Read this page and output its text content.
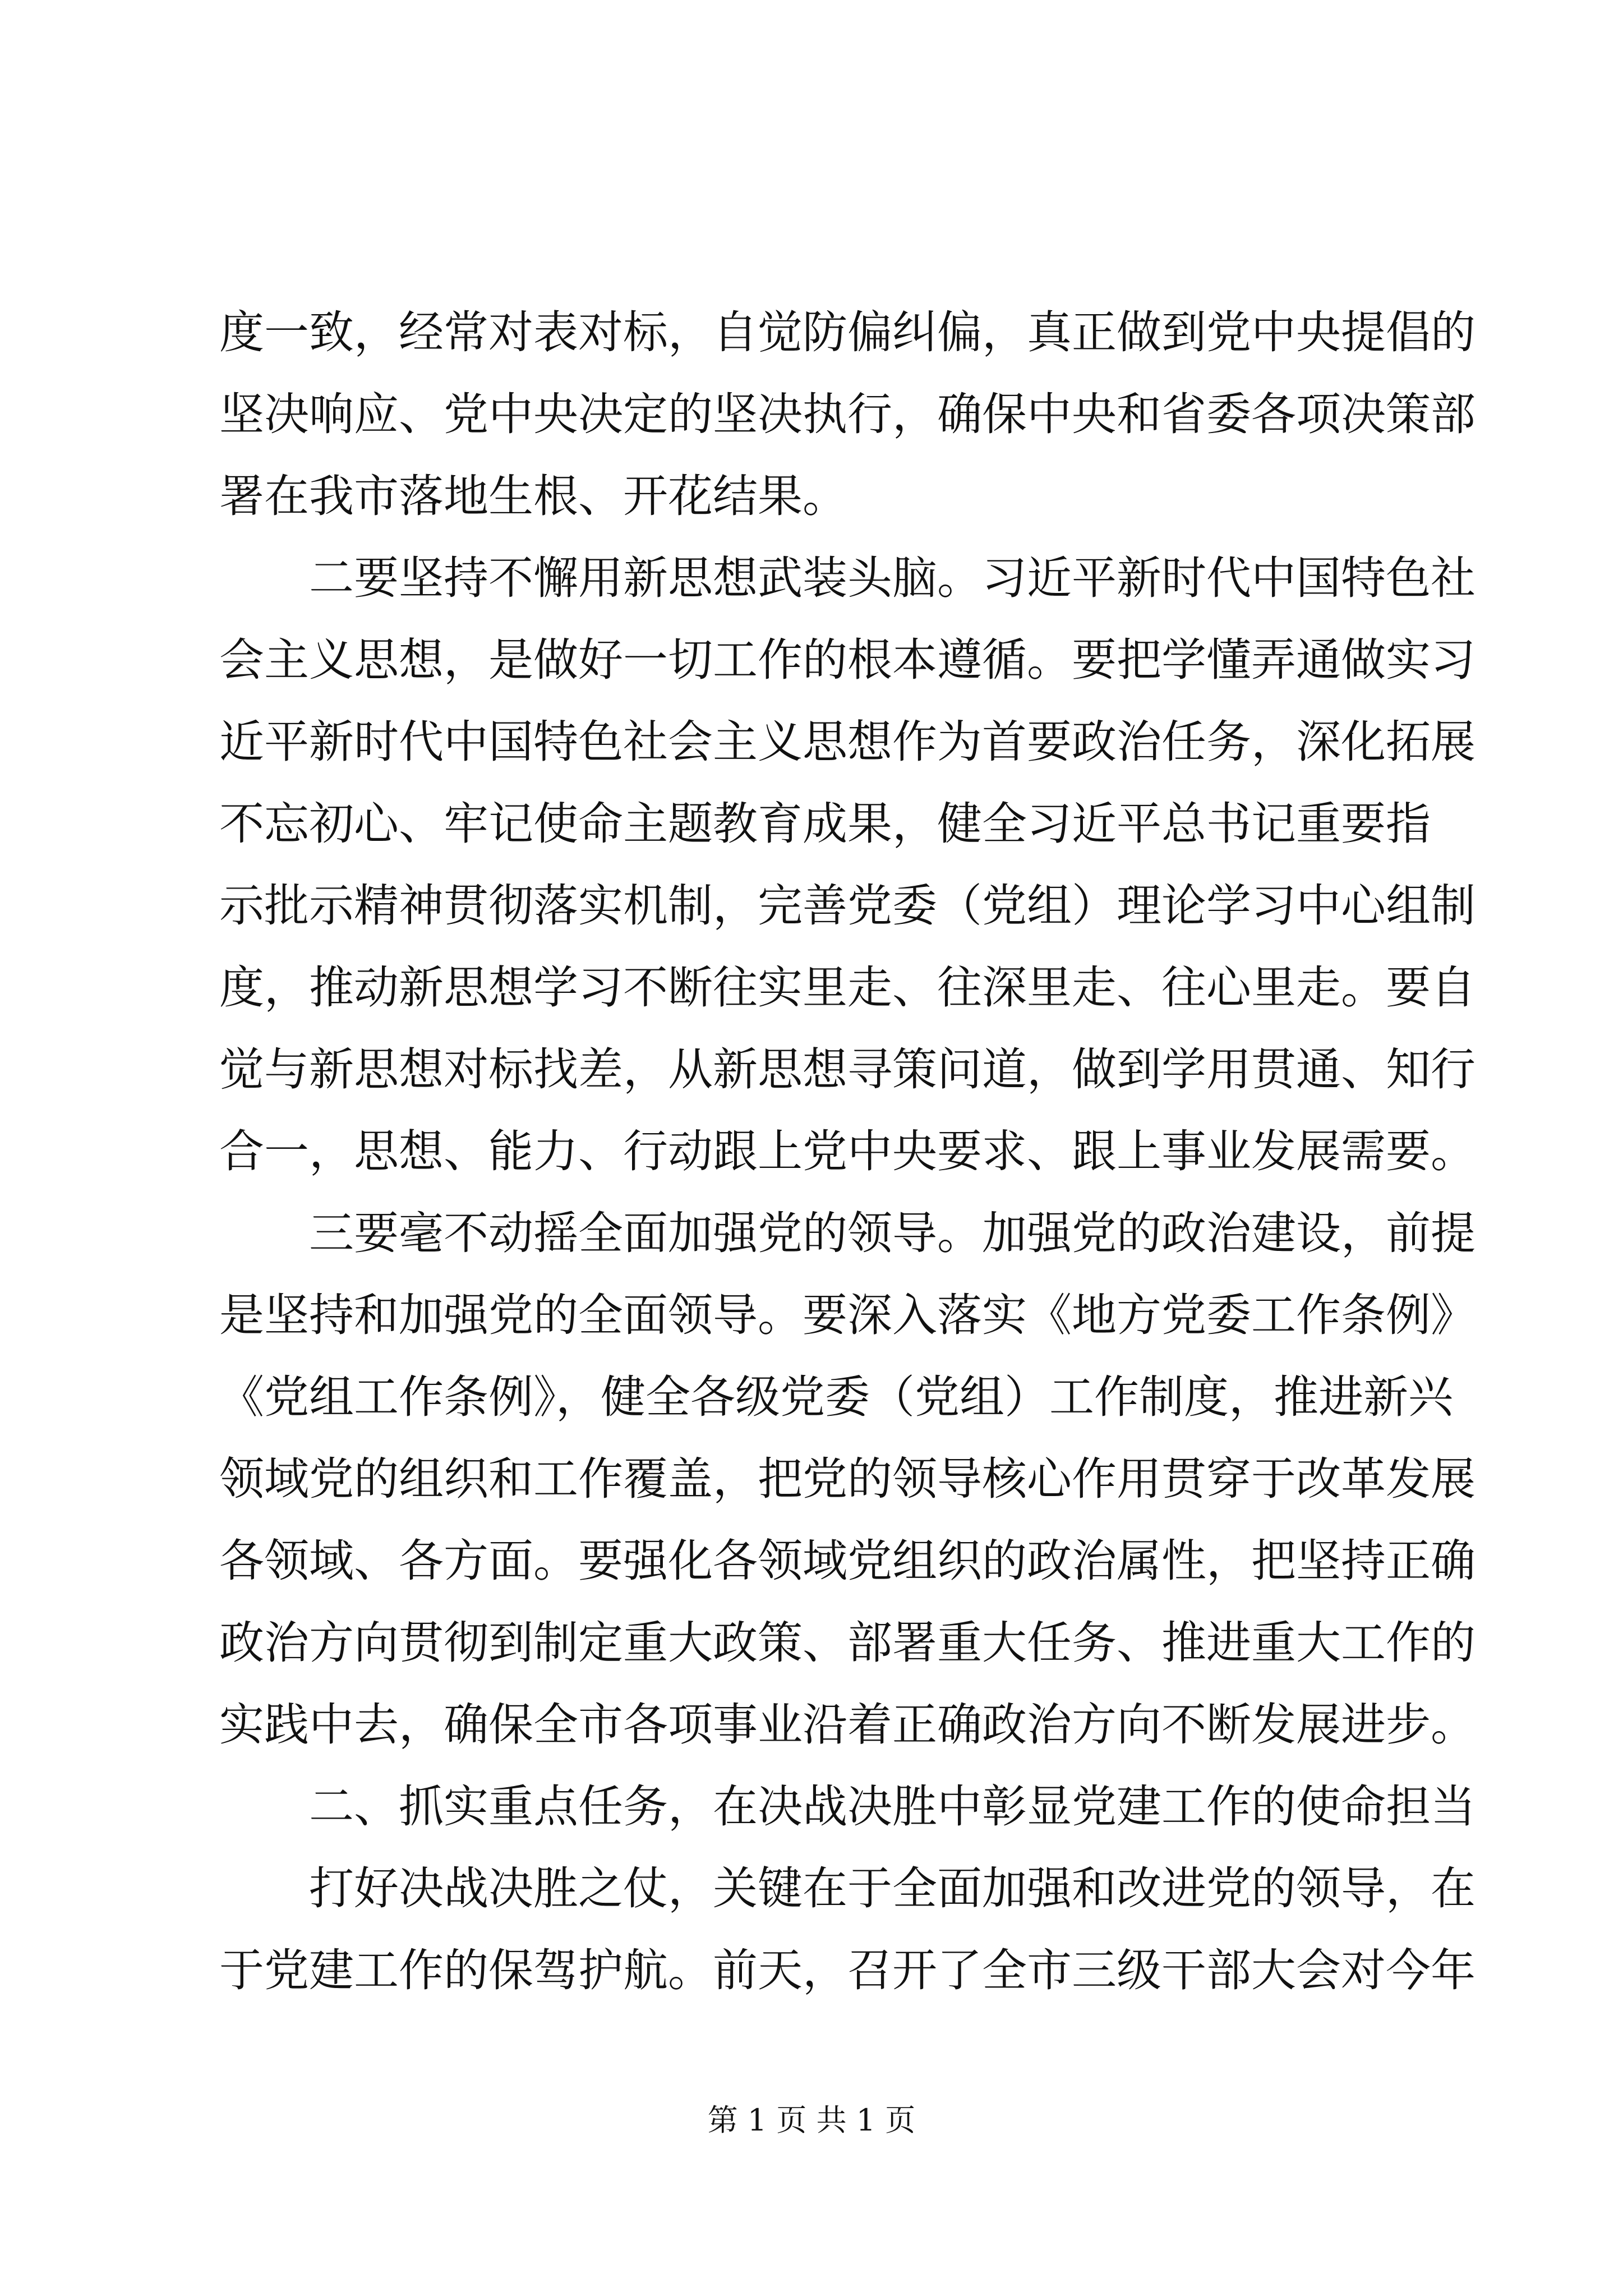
度一致，经常对表对标，自觉防偏纠偏，真正做到党中央提倡的
坚决响应、党中央决定的坚决执行，确保中央和省委各项决策部
署在我市落地生根、开花结果。
二要坚持不懈用新思想武装头脑。习近平新时代中国特色社
会主义思想，是做好一切工作的根本遵循。要把学懂弄通做实习
近平新时代中国特色社会主义思想作为首要政治任务，深化拓展
不忘初心、牢记使命主题教育成果，健全习近平总书记重要指
示批示精神贯彻落实机制，完善党委（党组）理论学习中心组制
度，推动新思想学习不断往实里走、往深里走、往心里走。要自
觉与新思想对标找差，从新思想寻策问道，做到学用贯通、知行
合一，思想、能力、行动跟上党中央要求、跟上事业发展需要。
三要毫不动摇全面加强党的领导。加强党的政治建设，前提
是坚持和加强党的全面领导。要深入落实《地方党委工作条例》
《党组工作条例》，健全各级党委（党组）工作制度，推进新兴
领域党的组织和工作覆盖，把党的领导核心作用贯穿于改革发展
各领域、各方面。要强化各领域党组织的政治属性，把坚持正确
政治方向贯彻到制定重大政策、部署重大任务、推进重大工作的
实践中去，确保全市各项事业沿着正确政治方向不断发展进步。
二、抓实重点任务，在决战决胜中彰显党建工作的使命担当
打好决战决胜之仗，关键在于全面加强和改进党的领导，在
于党建工作的保驾护航。前天，召开了全市三级干部大会对今年
第 1 页 共 1 页
